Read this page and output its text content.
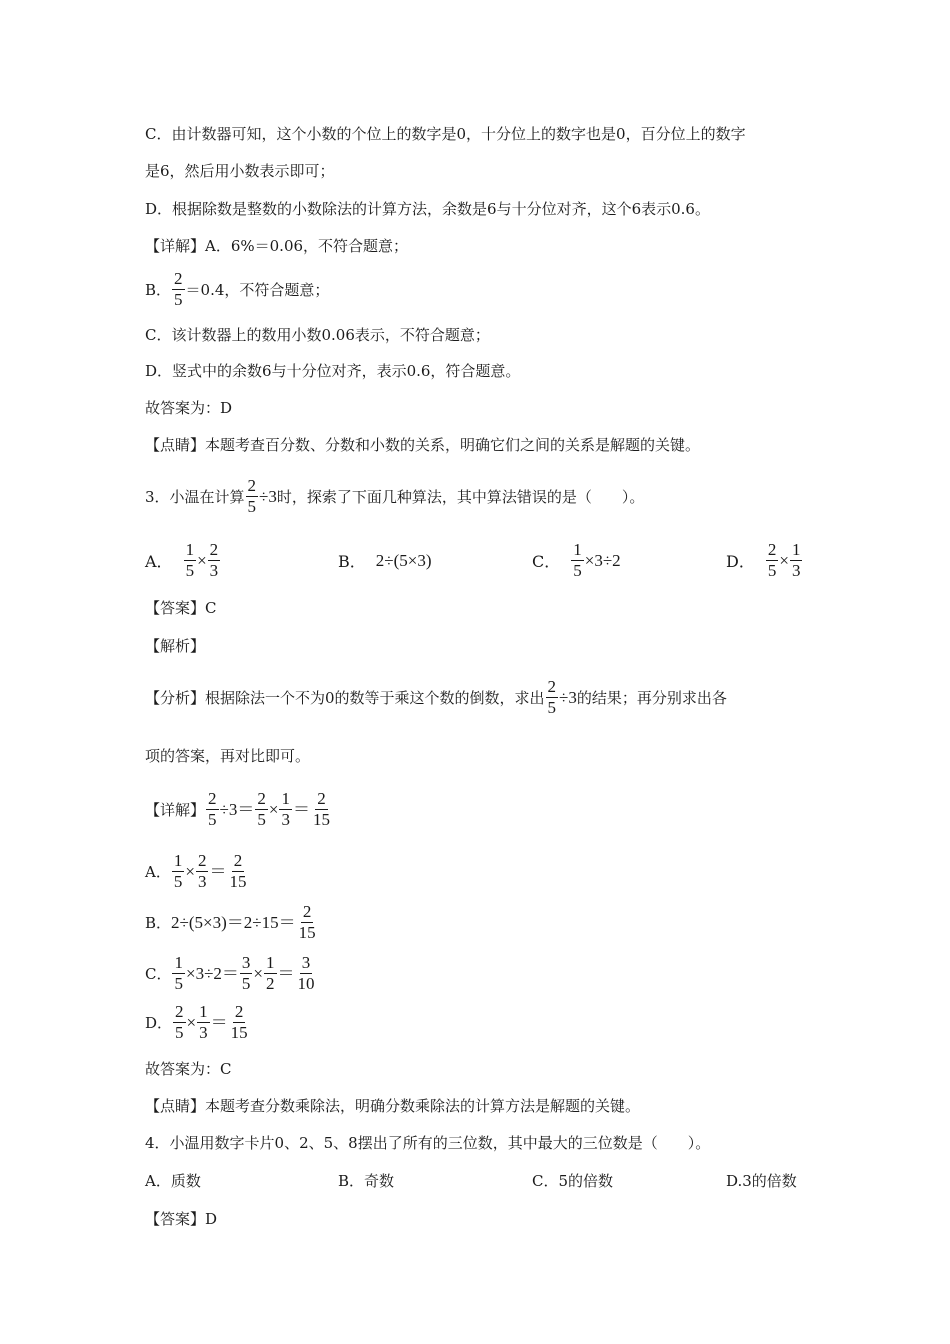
C．由计数器可知，这个小数的个位上的数字是0，十分位上的数字也是0，百分位上的数字
是6，然后用小数表示即可；
D．根据除数是整数的小数除法的计算方法，余数是6与十分位对齐，这个6表示0.6。
【详解】A．6%＝0.06，不符合题意；
B． $\frac{2}{5} =0.4$，不符合题意；
C．该计数器上的数用小数0.06表示，不符合题意；
D．竖式中的余数6与十分位对齐，表示0.6，符合题意。
故答案为：D
【点睛】本题考查百分数、分数和小数的关系，明确它们之间的关系是解题的关键。
3．小温在计算 $\frac{2}{5} \div 3$ 时，探索了下面几种算法，其中算法错误的是（　　）。
A． $\frac{1}{5} \times \frac{2}{3}$	B． 2÷(5×3)	C． $\frac{1}{5} \times 3\div 2$	D． $\frac{2}{5} \times \frac{1}{3}$
【答案】C
【解析】
【分析】根据除法一个不为0的数等于乘这个数的倒数，求出 $\frac{2}{5} \div 3$ 的结果；再分别求出各
项的答案，再对比即可。
【详解】 $\frac{2}{5} \div 3 = \frac{2}{5} \times \frac{1}{3} = \frac{2}{15}$
A． $\frac{1}{5} \times \frac{2}{3} = \frac{2}{15}$
B． $2\div(5\times 3) =2\div 15= \frac{2}{15}$
C． $\frac{1}{5} \times 3\div 2= \frac{3}{5} \times \frac{1}{2} = \frac{3}{10}$
D． $\frac{2}{5} \times \frac{1}{3} = \frac{2}{15}$
故答案为：C
【点睛】本题考查分数乘除法，明确分数乘除法的计算方法是解题的关键。
4．小温用数字卡片0、2、5、8摆出了所有的三位数，其中最大的三位数是（　　）。
A．质数	B．奇数	C．5的倍数	D.3的倍数
【答案】D
